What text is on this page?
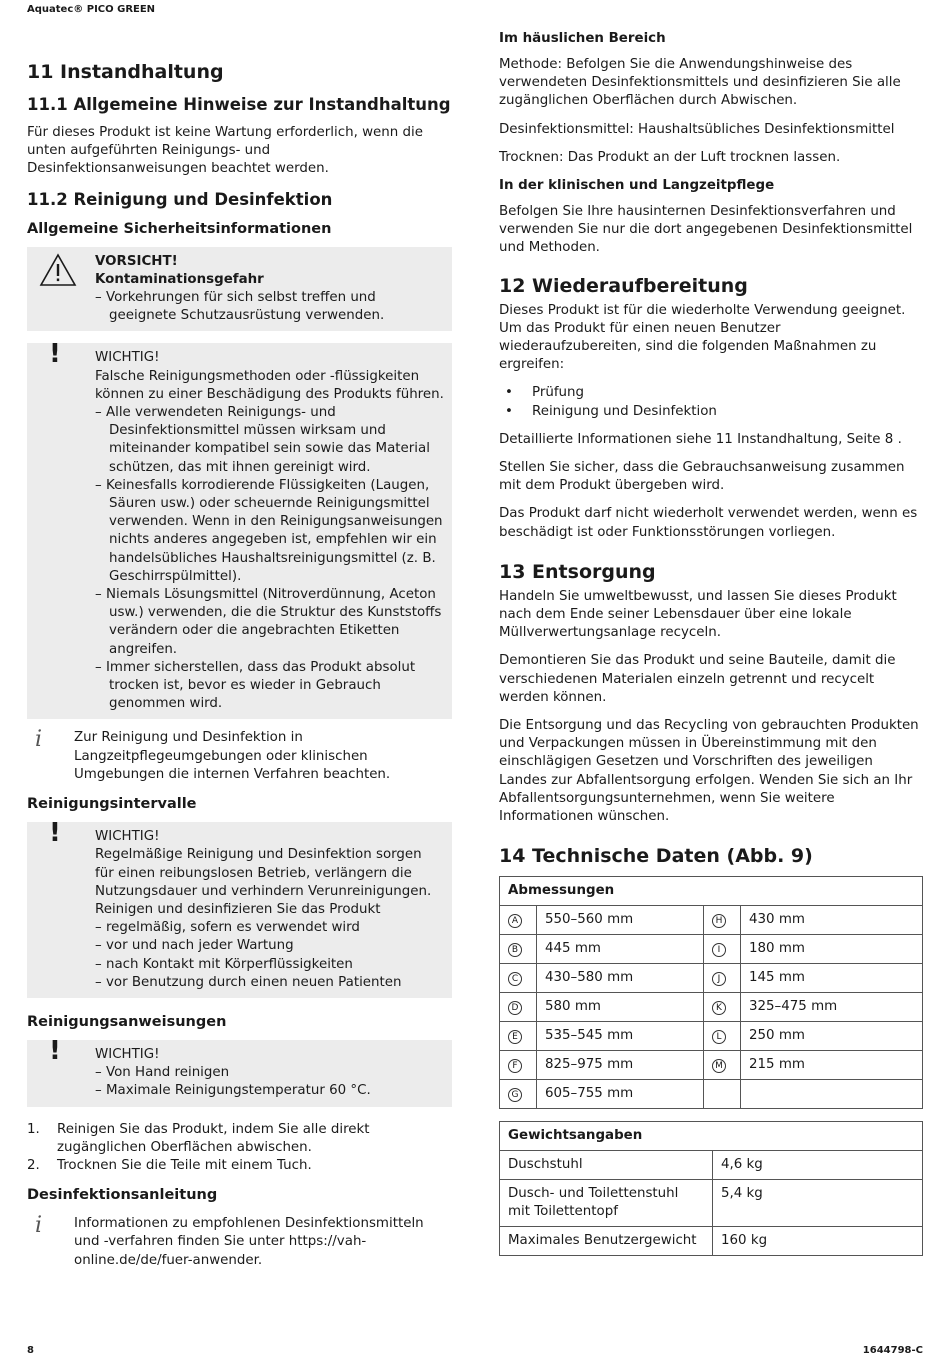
Aquatec® PICO GREEN
11 Instandhaltung
11.1 Allgemeine Hinweise zur Instandhaltung
Für dieses Produkt ist keine Wartung erforderlich, wenn die unten aufgeführten Reinigungs- und Desinfektionsanweisungen beachtet werden.
11.2 Reinigung und Desinfektion
Allgemeine Sicherheitsinformationen
VORSICHT!
Kontaminationsgefahr
– Vorkehrungen für sich selbst treffen und geeignete Schutzausrüstung verwenden.
!	WICHTIG!
Falsche Reinigungsmethoden oder -flüssigkeiten können zu einer Beschädigung des Produkts führen.
– Alle verwendeten Reinigungs- und Desinfektionsmittel müssen wirksam und miteinander kompatibel sein sowie das Material schützen, das mit ihnen gereinigt wird.
– Keinesfalls korrodierende Flüssigkeiten (Laugen, Säuren usw.) oder scheuernde Reinigungsmittel verwenden. Wenn in den Reinigungsanweisungen nichts anderes angegeben ist, empfehlen wir ein handelsübliches Haushaltsreinigungsmittel (z. B. Geschirrspülmittel).
– Niemals Lösungsmittel (Nitroverdünnung, Aceton usw.) verwenden, die die Struktur des Kunststoffs verändern oder die angebrachten Etiketten angreifen.
– Immer sicherstellen, dass das Produkt absolut trocken ist, bevor es wieder in Gebrauch genommen wird.
i Zur Reinigung und Desinfektion in Langzeitpflegeumgebungen oder klinischen Umgebungen die internen Verfahren beachten.
Reinigungsintervalle
!	WICHTIG!
Regelmäßige Reinigung und Desinfektion sorgen für einen reibungslosen Betrieb, verlängern die Nutzungsdauer und verhindern Verunreinigungen. Reinigen und desinfizieren Sie das Produkt
– regelmäßig, sofern es verwendet wird
– vor und nach jeder Wartung
– nach Kontakt mit Körperflüssigkeiten
– vor Benutzung durch einen neuen Patienten
Reinigungsanweisungen
!	WICHTIG!
– Von Hand reinigen
– Maximale Reinigungstemperatur 60 °C.
1.	Reinigen Sie das Produkt, indem Sie alle direkt zugänglichen Oberflächen abwischen.
2.	Trocknen Sie die Teile mit einem Tuch.
Desinfektionsanleitung
i Informationen zu empfohlenen Desinfektionsmitteln und -verfahren finden Sie unter https://vah-online.de/de/fuer-anwender.
Im häuslichen Bereich
Methode: Befolgen Sie die Anwendungshinweise des verwendeten Desinfektionsmittels und desinfizieren Sie alle zugänglichen Oberflächen durch Abwischen.
Desinfektionsmittel: Haushaltsübliches Desinfektionsmittel
Trocknen: Das Produkt an der Luft trocknen lassen.
In der klinischen und Langzeitpflege
Befolgen Sie Ihre hausinternen Desinfektionsverfahren und verwenden Sie nur die dort angegebenen Desinfektionsmittel und Methoden.
12 Wiederaufbereitung
Dieses Produkt ist für die wiederholte Verwendung geeignet. Um das Produkt für einen neuen Benutzer wiederaufzubereiten, sind die folgenden Maßnahmen zu ergreifen:
•	Prüfung
•	Reinigung und Desinfektion
Detaillierte Informationen siehe 11 Instandhaltung, Seite 8 .
Stellen Sie sicher, dass die Gebrauchsanweisung zusammen mit dem Produkt übergeben wird.
Das Produkt darf nicht wiederholt verwendet werden, wenn es beschädigt ist oder Funktionsstörungen vorliegen.
13 Entsorgung
Handeln Sie umweltbewusst, und lassen Sie dieses Produkt nach dem Ende seiner Lebensdauer über eine lokale Müllverwertungsanlage recyceln.
Demontieren Sie das Produkt und seine Bauteile, damit die verschiedenen Materialen einzeln getrennt und recycelt werden können.
Die Entsorgung und das Recycling von gebrauchten Produkten und Verpackungen müssen in Übereinstimmung mit den einschlägigen Gesetzen und Vorschriften des jeweiligen Landes zur Abfallentsorgung erfolgen. Wenden Sie sich an Ihr Abfallentsorgungsunternehmen, wenn Sie weitere Informationen wünschen.
14 Technische Daten (Abb. 9)
Abmessungen			
A	550–560 mm	H	430 mm
B	445 mm	I	180 mm
C	430–580 mm	J	145 mm
D	580 mm	K	325–475 mm
E	535–545 mm	L	250 mm
F	825–975 mm	M	215 mm
G	605–755 mm		
Gewichtsangaben	
Duschstuhl	4,6 kg
Dusch- und Toilettenstuhl mit Toilettentopf	5,4 kg
Maximales Benutzergewicht	160 kg
8	1644798-C
